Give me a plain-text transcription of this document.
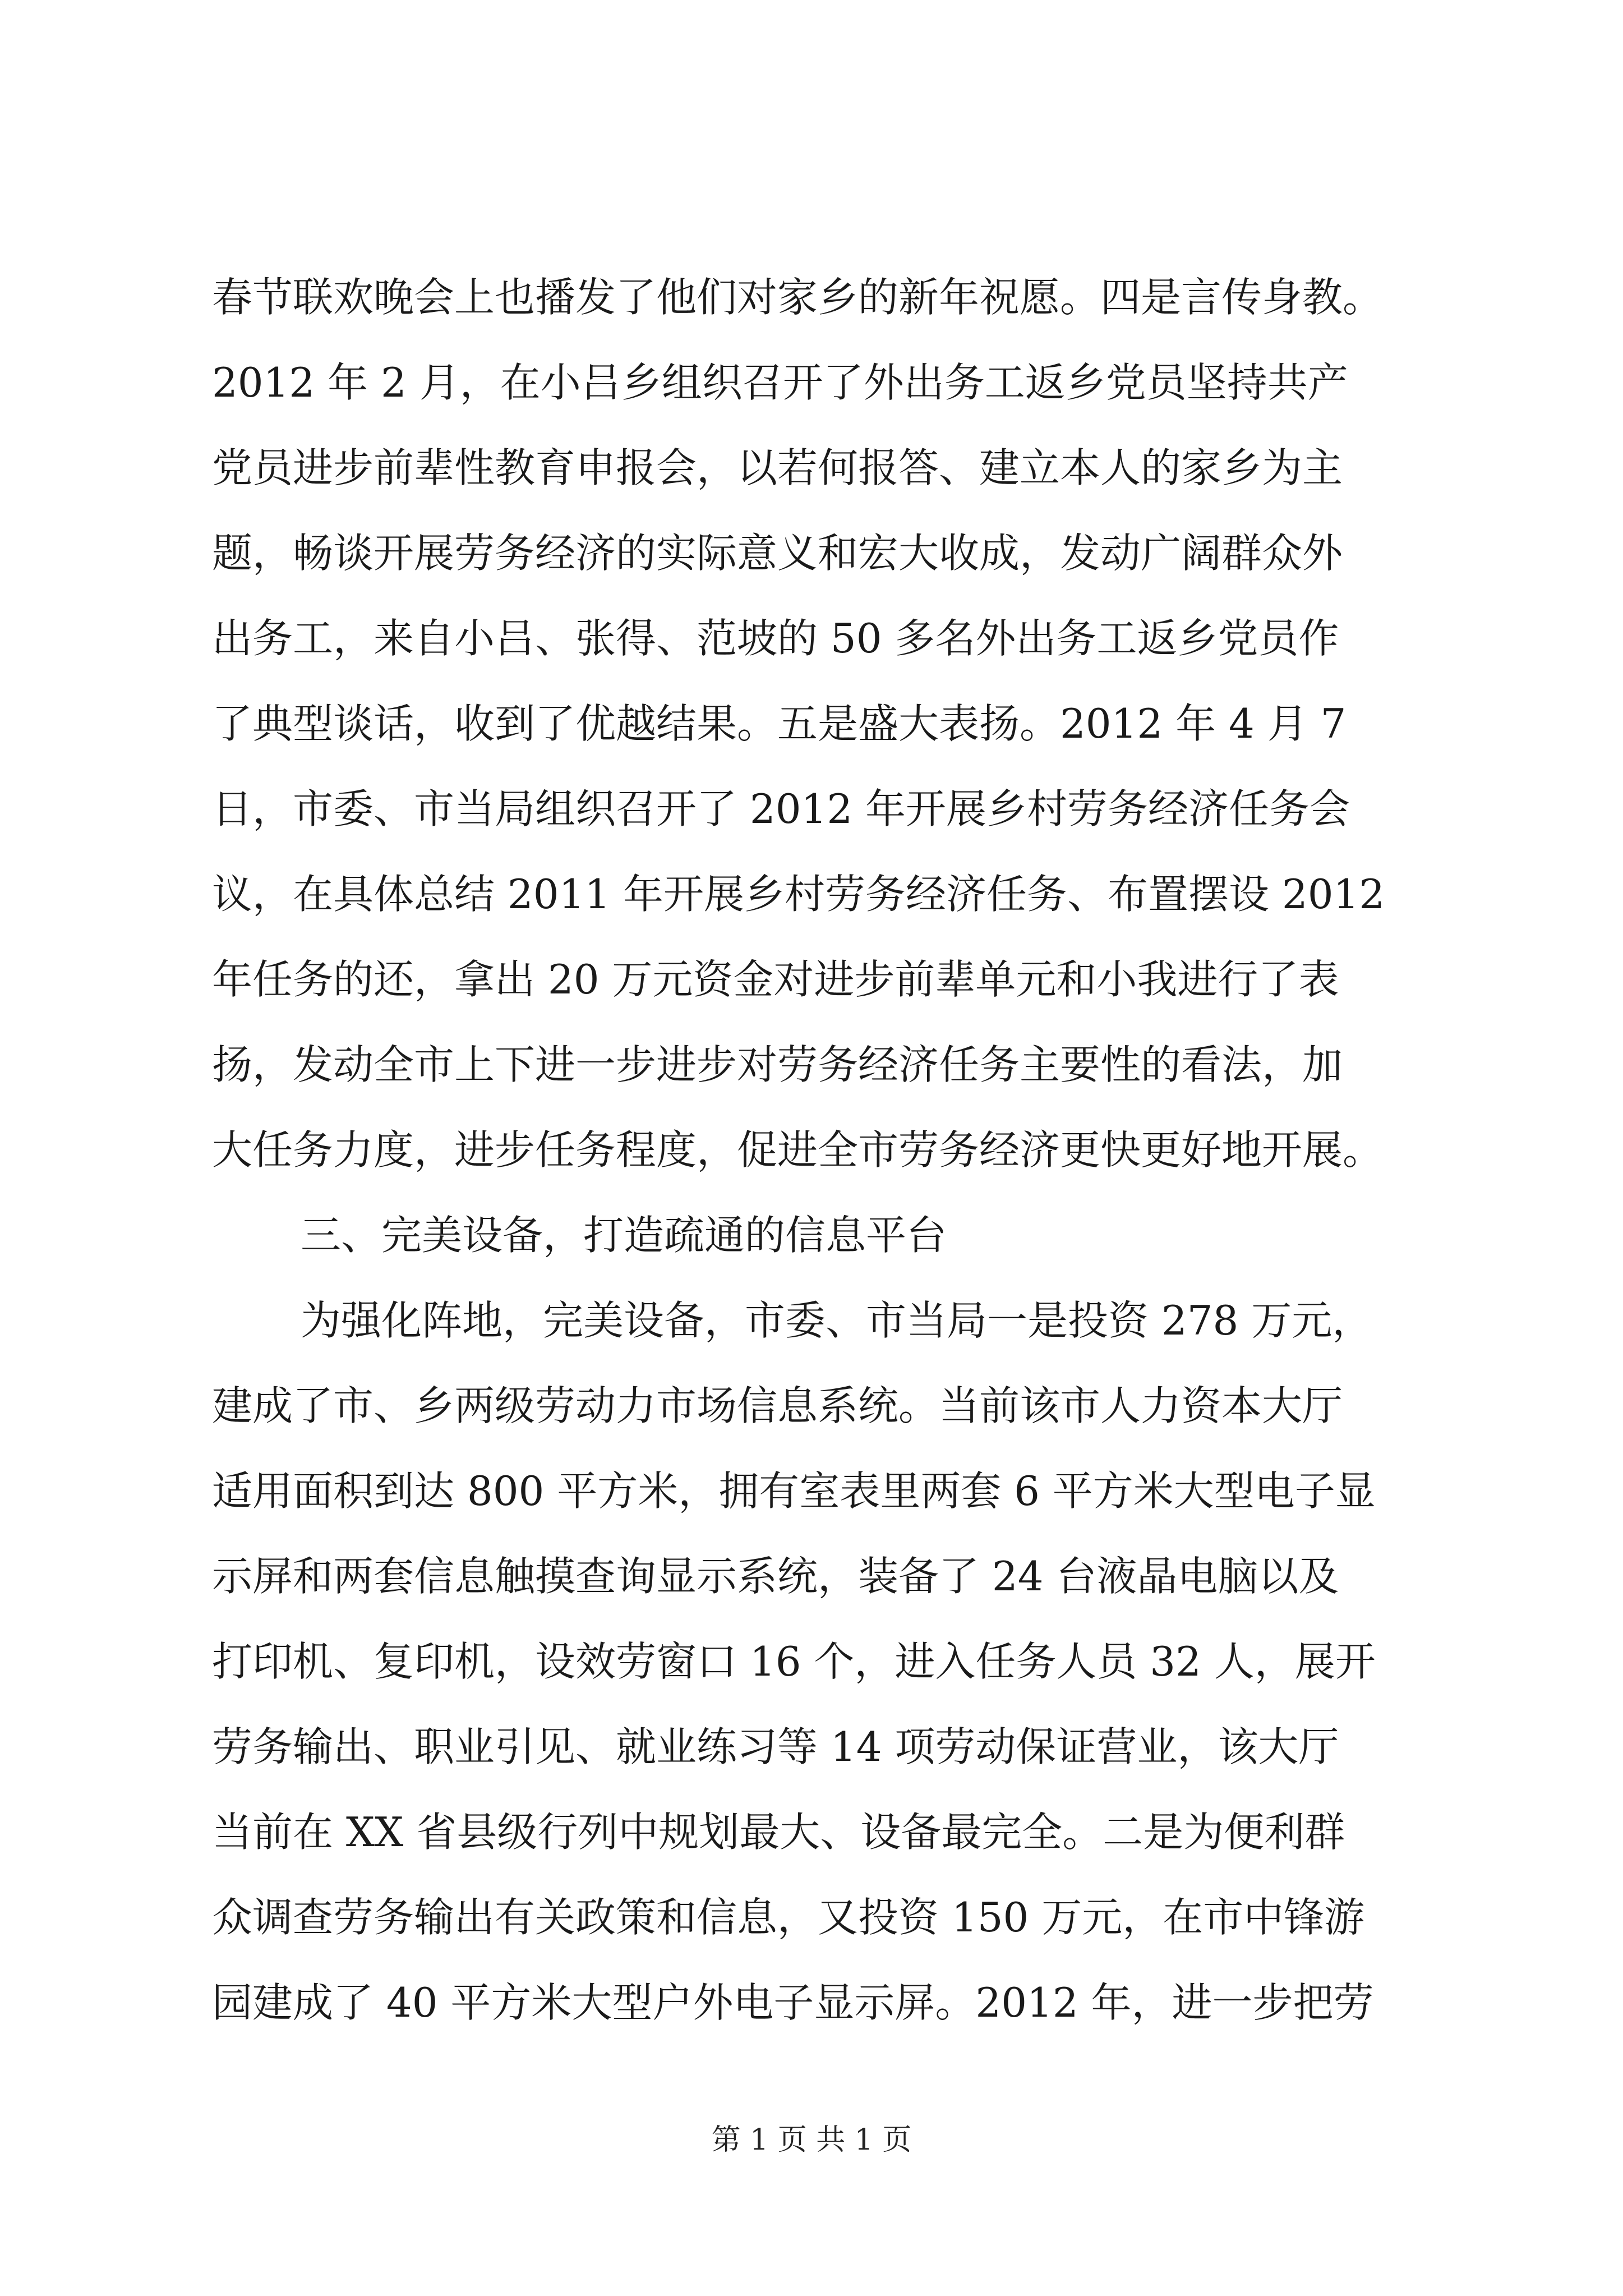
春节联欢晚会上也播发了他们对家乡的新年祝愿。四是言传身教。
2012 年 2 月，在小吕乡组织召开了外出务工返乡党员坚持共产
党员进步前辈性教育申报会，以若何报答、建立本人的家乡为主
题，畅谈开展劳务经济的实际意义和宏大收成，发动广阔群众外
出务工，来自小吕、张得、范坡的 50 多名外出务工返乡党员作
了典型谈话，收到了优越结果。五是盛大表扬。2012 年 4 月 7
日，市委、市当局组织召开了 2012 年开展乡村劳务经济任务会
议，在具体总结 2011 年开展乡村劳务经济任务、布置摆设 2012
年任务的还，拿出 20 万元资金对进步前辈单元和小我进行了表
扬，发动全市上下进一步进步对劳务经济任务主要性的看法，加
大任务力度，进步任务程度，促进全市劳务经济更快更好地开展。
三、完美设备，打造疏通的信息平台
为强化阵地，完美设备，市委、市当局一是投资 278 万元，
建成了市、乡两级劳动力市场信息系统。当前该市人力资本大厅
适用面积到达 800 平方米，拥有室表里两套 6 平方米大型电子显
示屏和两套信息触摸查询显示系统，装备了 24 台液晶电脑以及
打印机、复印机，设效劳窗口 16 个，进入任务人员 32 人，展开
劳务输出、职业引见、就业练习等 14 项劳动保证营业，该大厅
当前在 XX 省县级行列中规划最大、设备最完全。二是为便利群
众调查劳务输出有关政策和信息，又投资 150 万元，在市中锋游
园建成了 40 平方米大型户外电子显示屏。2012 年，进一步把劳
第 1 页 共 1 页
